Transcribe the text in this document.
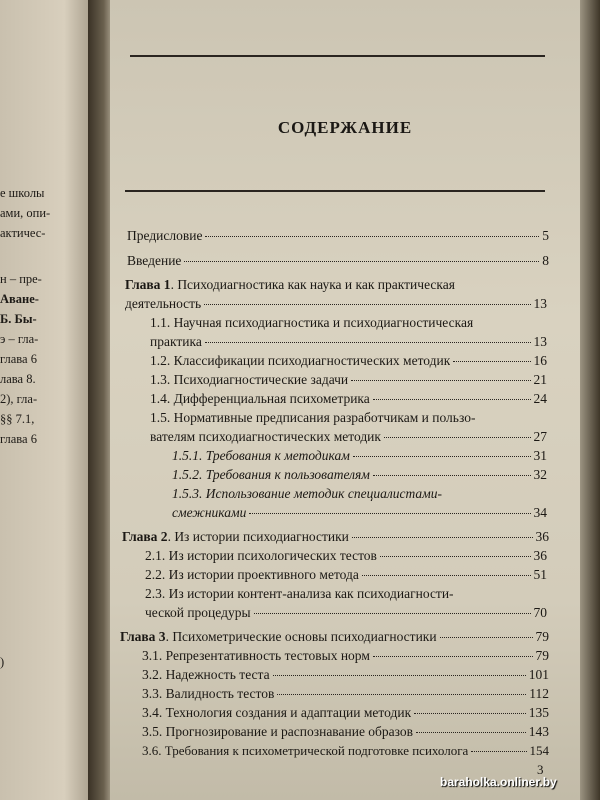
е школы
ами, опи-
актичес-
н – пре-
Аване-
Б. Бы-
э – гла-
глава 6
лава 8.
2), гла-
§§ 7.1,
глава 6
)
СОДЕРЖАНИЕ
Предисловие	5
Введение	8
Глава 1. Психодиагностика как наука и как практическая
деятельность	13
1.1. Научная психодиагностика и психодиагностическая
практика	13
1.2. Классификации психодиагностических методик	16
1.3. Психодиагностические задачи	21
1.4. Дифференциальная психометрика	24
1.5. Нормативные предписания разработчикам и пользо-
вателям психодиагностических методик	27
1.5.1. Требования к методикам	31
1.5.2. Требования к пользователям	32
1.5.3. Использование методик специалистами-
смежниками	34
Глава 2. Из истории психодиагностики	36
2.1. Из истории психологических тестов	36
2.2. Из истории проективного метода	51
2.3. Из истории контент-анализа как психодиагности-
ческой процедуры	70
Глава 3. Психометрические основы психодиагностики	79
3.1. Репрезентативность тестовых норм	79
3.2. Надежность теста	101
3.3. Валидность тестов	112
3.4. Технология создания и адаптации методик	135
3.5. Прогнозирование и распознавание образов	143
3.6. Требования к психометрической подготовке психолога	154
3
baraholka.onliner.by
